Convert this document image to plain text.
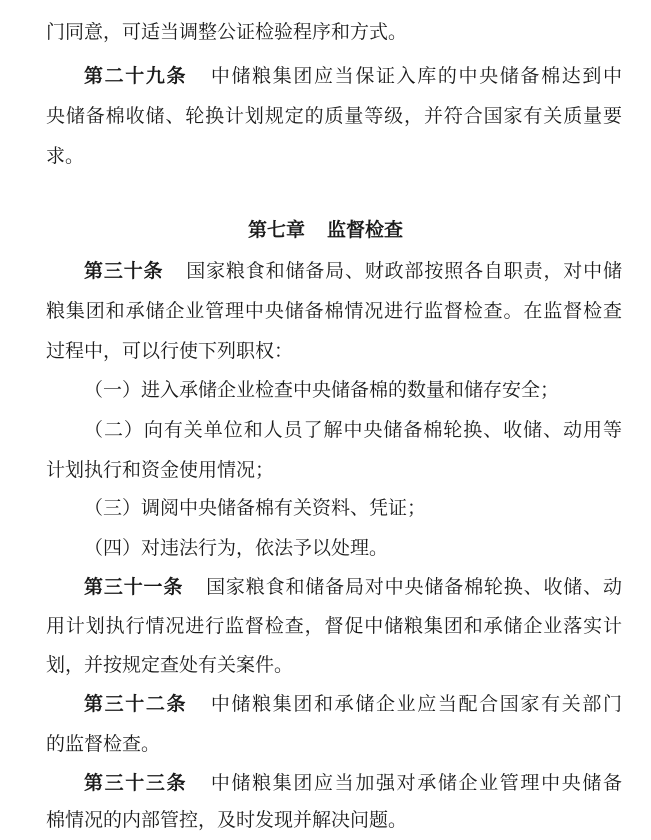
门同意，可适当调整公证检验程序和方式。
第二十九条 中储粮集团应当保证入库的中央储备棉达到中
央储备棉收储、轮换计划规定的质量等级，并符合国家有关质量要
求。
第七章 监督检查
第三十条 国家粮食和储备局、财政部按照各自职责，对中储
粮集团和承储企业管理中央储备棉情况进行监督检查。在监督检查
过程中，可以行使下列职权：
（一）进入承储企业检查中央储备棉的数量和储存安全；
（二）向有关单位和人员了解中央储备棉轮换、收储、动用等
计划执行和资金使用情况；
（三）调阅中央储备棉有关资料、凭证；
（四）对违法行为，依法予以处理。
第三十一条 国家粮食和储备局对中央储备棉轮换、收储、动
用计划执行情况进行监督检查，督促中储粮集团和承储企业落实计
划，并按规定查处有关案件。
第三十二条 中储粮集团和承储企业应当配合国家有关部门
的监督检查。
第三十三条 中储粮集团应当加强对承储企业管理中央储备
棉情况的内部管控，及时发现并解决问题。
